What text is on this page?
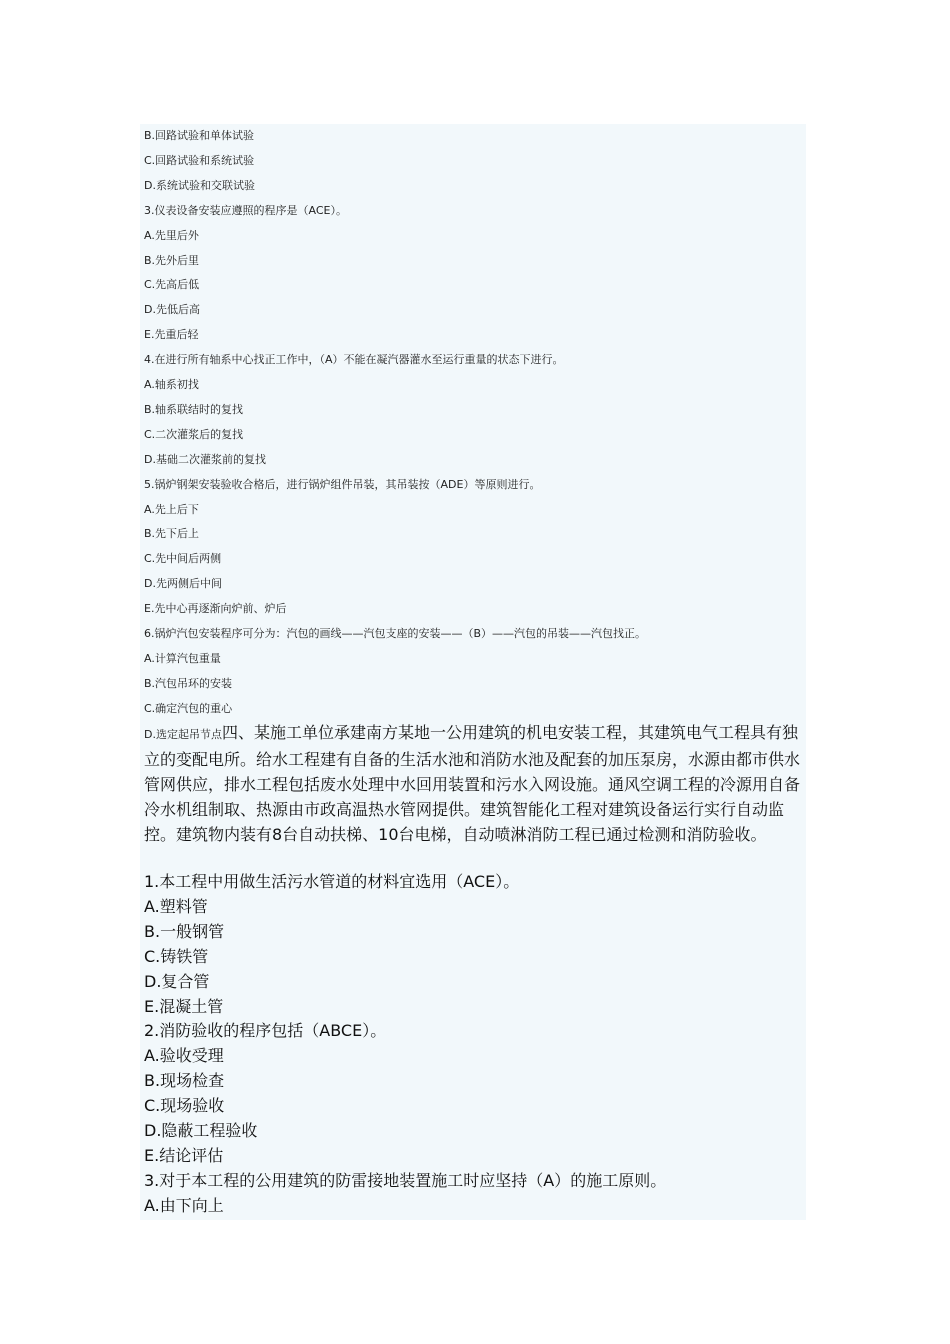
B.回路试验和单体试验
C.回路试验和系统试验
D.系统试验和交联试验
3.仪表设备安装应遵照的程序是（ACE）。
A.先里后外
B.先外后里
C.先高后低
D.先低后高
E.先重后轻
4.在进行所有轴系中心找正工作中，（A）不能在凝汽器灌水至运行重量的状态下进行。
A.轴系初找
B.轴系联结时的复找
C.二次灌浆后的复找
D.基础二次灌浆前的复找
5.锅炉钢架安装验收合格后，进行锅炉组件吊装，其吊装按（ADE）等原则进行。
A.先上后下
B.先下后上
C.先中间后两侧
D.先两侧后中间
E.先中心再逐渐向炉前、炉后
6.锅炉汽包安装程序可分为：汽包的画线——汽包支座的安装——（B）——汽包的吊装——汽包找正。
A.计算汽包重量
B.汽包吊环的安装
C.确定汽包的重心

D.选定起吊节点四、某施工单位承建南方某地一公用建筑的机电安装工程，其建筑电气工程具有独立的变配电所。给水工程建有自备的生活水池和消防水池及配套的加压泵房，水源由都市供水管网供应，排水工程包括废水处理中水回用装置和污水入网设施。通风空调工程的冷源用自备冷水机组制取、热源由市政高温热水管网提供。建筑智能化工程对建筑设备运行实行自动监控。建筑物内装有8台自动扶梯、10台电梯，自动喷淋消防工程已通过检测和消防验收。

1.本工程中用做生活污水管道的材料宜选用（ACE）。
A.塑料管
B.一般钢管
C.铸铁管
D.复合管
E.混凝土管
2.消防验收的程序包括（ABCE）。
A.验收受理
B.现场检查
C.现场验收
D.隐蔽工程验收
E.结论评估
3.对于本工程的公用建筑的防雷接地装置施工时应坚持（A）的施工原则。
A.由下向上
